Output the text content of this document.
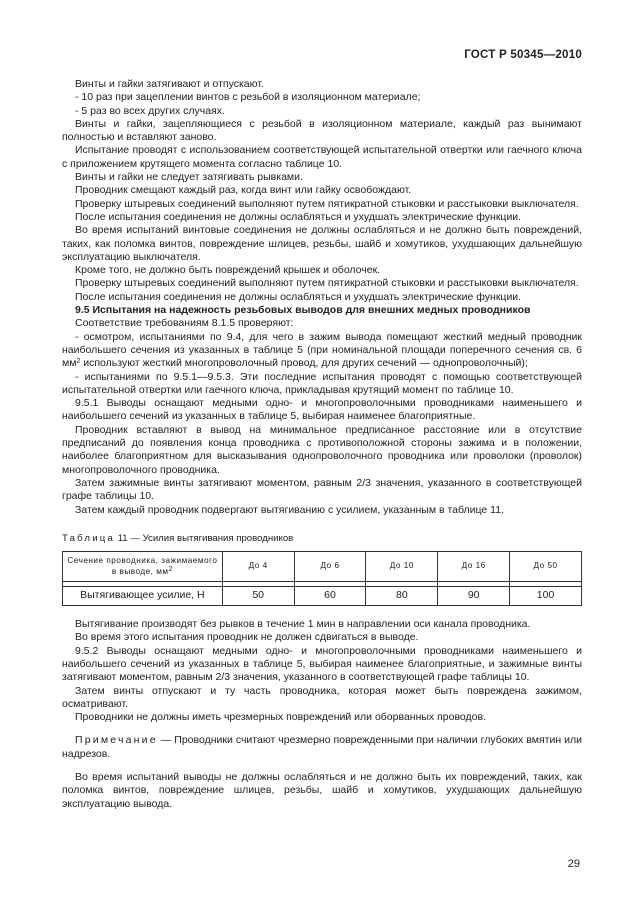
ГОСТ Р 50345—2010

Винты и гайки затягивают и отпускают.

- 10 раз при зацеплении винтов с резьбой в изоляционном материале;

- 5 раз во всех других случаях.

Винты и гайки, зацепляющиеся с резьбой в изоляционном материале, каждый раз вынимают полностью и вставляют заново.

Испытание проводят с использованием соответствующей испытательной отвертки или гаечного ключа с приложением крутящего момента согласно таблице 10.

Винты и гайки не следует затягивать рывками.

Проводник смещают каждый раз, когда винт или гайку освобождают.

Проверку штыревых соединений выполняют путем пятикратной стыковки и расстыковки выключателя.

После испытания соединения не должны ослабляться и ухудшать электрические функции.

Во время испытаний винтовые соединения не должны ослабляться и не должно быть повреждений, таких, как поломка винтов, повреждение шлицев, резьбы, шайб и хомутиков, ухудшающих дальнейшую эксплуатацию выключателя.

Кроме того, не должно быть повреждений крышек и оболочек.

Проверку штыревых соединений выполняют путем пятикратной стыковки и расстыковки выключателя.

После испытания соединения не должны ослабляться и ухудшать электрические функции.

9.5 Испытания на надежность резьбовых выводов для внешних медных проводников

Соответствие требованиям 8.1.5 проверяют:

- осмотром, испытаниями по 9.4, для чего в зажим вывода помещают жесткий медный проводник наибольшего сечения из указанных в таблице 5 (при номинальной площади поперечного сечения св. 6 $мм^2$ используют жесткий многопроволочный провод, для других сечений — однопроволочный);

- испытаниями по 9.5.1—9.5.3. Эти последние испытания проводят с помощью соответствующей испытательной отвертки или гаечного ключа, прикладывая крутящий момент по таблице 10.

9.5.1 Выводы оснащают медными одно- и многопроволочными проводниками наименьшего и наибольшего сечений из указанных в таблице 5, выбирая наименее благоприятные.

Проводник вставляют в вывод на минимальное предписанное расстояние или в отсутствие предписаний до появления конца проводника с противоположной стороны зажима и в положении, наиболее благоприятном для высказывания однопроволочного проводника или проволоки (проволок) многопроволочного проводника.

Затем зажимные винты затягивают моментом, равным 2/3 значения, указанного в соответствующей графе таблицы 10.

Затем каждый проводник подвергают вытягиванию с усилием, указанным в таблице 11.

Таблица 11 — Усилия вытягивания проводников

Сечение проводника, зажимаемого
в выводе, $мм^2$	До 4	До 6	До 10	До 16	До 50

Вытягивающее усилие, Н	50	60	80	90	100

Вытягивание производят без рывков в течение 1 мин в направлении оси канала проводника.

Во время этого испытания проводник не должен сдвигаться в выводе.

9.5.2 Выводы оснащают медными одно- и многопроволочными проводниками наименьшего и наибольшего сечений из указанных в таблице 5, выбирая наименее благоприятные, и зажимные винты затягивают моментом, равным 2/3 значения, указанного в соответствующей графе таблицы 10.

Затем винты отпускают и ту часть проводника, которая может быть повреждена зажимом, осматривают.

Проводники не должны иметь чрезмерных повреждений или оборванных проводов.

Примечание — Проводники считают чрезмерно поврежденными при наличии глубоких вмятин или надрезов.

Во время испытаний выводы не должны ослабляться и не должно быть их повреждений, таких, как поломка винтов, повреждение шлицев, резьбы, шайб и хомутиков, ухудшающих дальнейшую эксплуатацию вывода.

29
